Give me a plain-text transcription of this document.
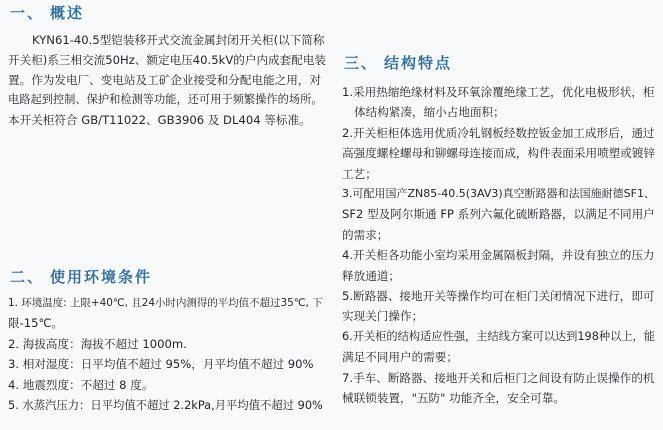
一、 概述
KYN61-40.5型铠装移开式交流金属封闭开关柜(以下简称
开关柜)系三相交流50Hz、额定电压40.5kV的户内成套配电装
置。作为发电厂、变电站及工矿企业接受和分配电能之用，对
电路起到控制、保护和检测等功能，还可用于频繁操作的场所。
本开关柜符合 GB/T11022、GB3906 及 DL404 等标准。
二、 使用环境条件
1. 环境温度: 上限+40℃, 且24小时内测得的平均值不超过35℃, 下
限-15℃。
2. 海拔高度：海拔不超过 1000m.
3. 相对湿度：日平均值不超过 95%，月平均值不超过 90%
4. 地震烈度：不超过 8 度。
5. 水蒸汽压力：日平均值不超过 2.2kPa,月平均值不超过 90%
三、 结构特点
1.采用热缩绝缘材料及环氧涂覆绝缘工艺，优化电极形状，柜
体结构紧凑，缩小占地面积；
2.开关柜柜体选用优质冷轧钢板经数控钣金加工成形后，通过
高强度螺栓螺母和铆螺母连接而成，构件表面采用喷塑或镀锌
工艺；
3.可配用国产ZN85-40.5(3AV3)真空断路器和法国施耐德SF1、
SF2 型及阿尔斯通 FP 系列六氟化硫断路器，以满足不同用户
的需求；
4.开关柜各功能小室均采用金属隔板封隔，并设有独立的压力
释放通道；
5.断路器、接地开关等操作均可在柜门关闭情况下进行，即可
实现关门操作；
6.开关柜的结构适应性强，主结线方案可以达到198种以上，能
满足不同用户的需要；
7.手车、断路器、接地开关和后柜门之间设有防止误操作的机
械联锁装置，"五防" 功能齐全，安全可靠。
